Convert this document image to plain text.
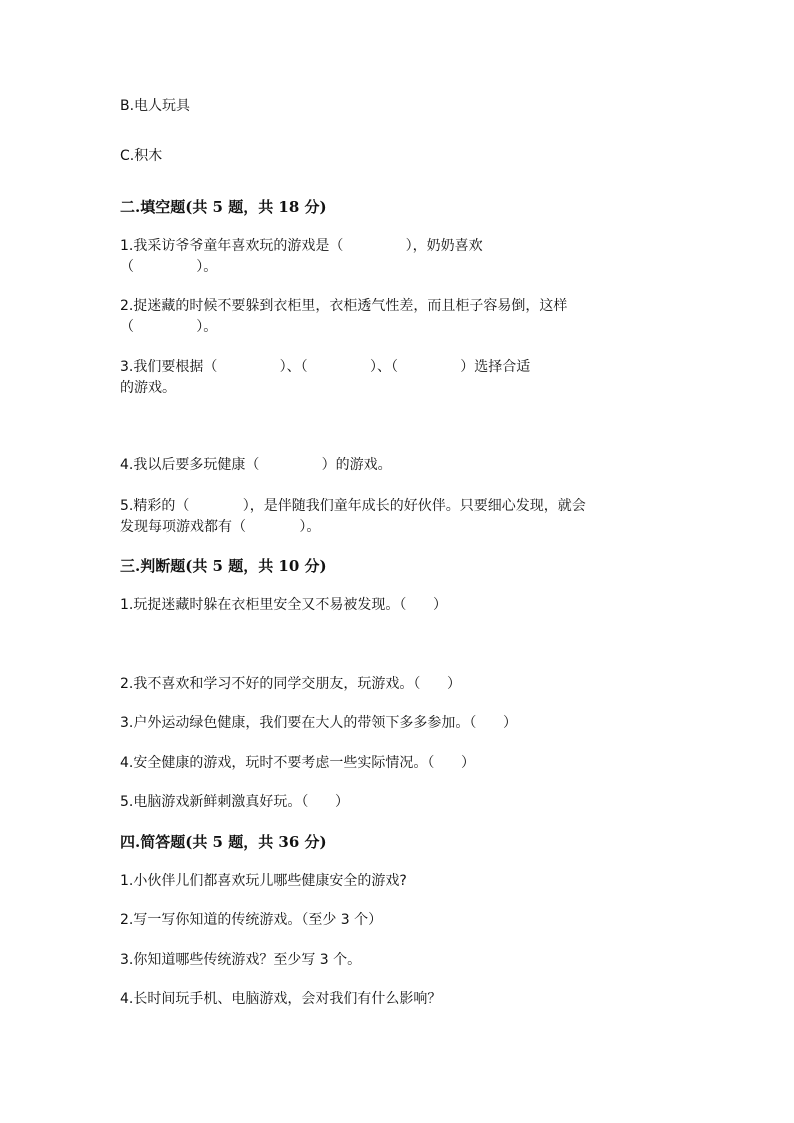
B.电人玩具
C.积木
二.填空题(共 5 题，共 18 分)
1.我采访爷爷童年喜欢玩的游戏是（              ），奶奶喜欢
（              ）。
2.捉迷藏的时候不要躲到衣柜里，衣柜透气性差，而且柜子容易倒，这样
（              ）。
3.我们要根据（              ）、（              ）、（              ）选择合适
的游戏。
4.我以后要多玩健康（              ）的游戏。
5.精彩的（            ），是伴随我们童年成长的好伙伴。只要细心发现，就会
发现每项游戏都有（            ）。
三.判断题(共 5 题，共 10 分)
1.玩捉迷藏时躲在衣柜里安全又不易被发现。（      ）
2.我不喜欢和学习不好的同学交朋友，玩游戏。（      ）
3.户外运动绿色健康，我们要在大人的带领下多多参加。（      ）
4.安全健康的游戏，玩时不要考虑一些实际情况。（      ）
5.电脑游戏新鲜刺激真好玩。（      ）
四.简答题(共 5 题，共 36 分)
1.小伙伴儿们都喜欢玩儿哪些健康安全的游戏?
2.写一写你知道的传统游戏。（至少 3 个）
3.你知道哪些传统游戏？至少写 3 个。
4.长时间玩手机、电脑游戏，会对我们有什么影响？
